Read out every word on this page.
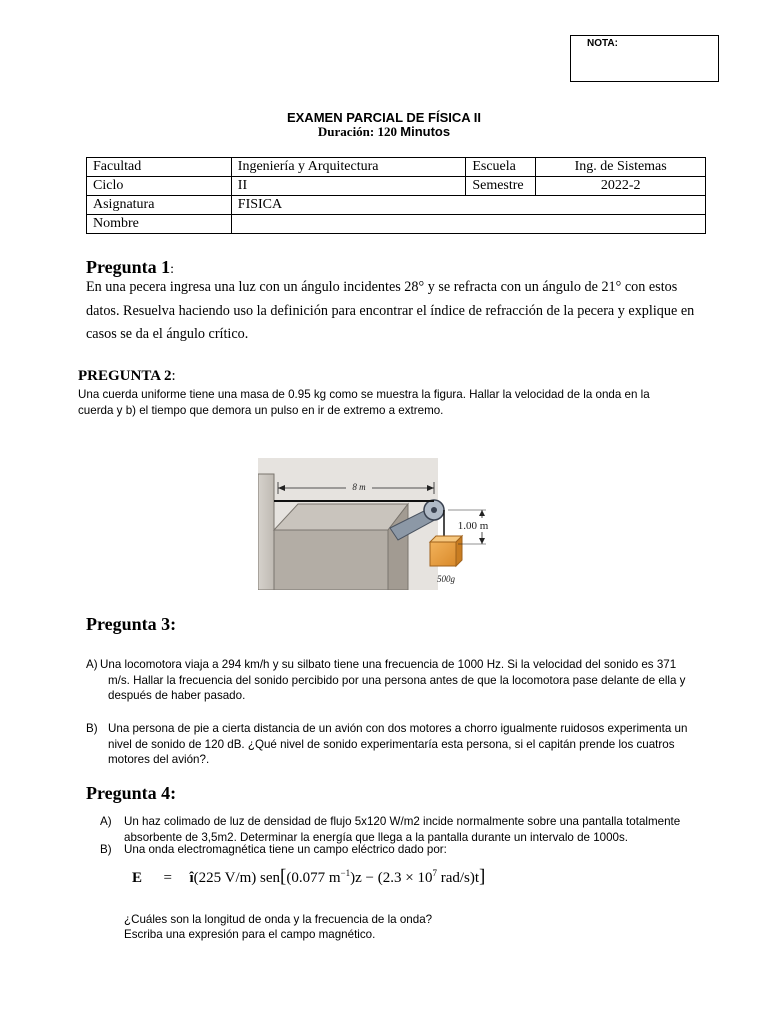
NOTA:
EXAMEN PARCIAL DE FÍSICA II
Duración: 120 Minutos
Facultad	Ingeniería y Arquitectura	Escuela	Ing. de Sistemas
Ciclo	II	Semestre	2022-2
Asignatura	FISICA		
Nombre			
Pregunta 1:
En una pecera ingresa una luz con un ángulo incidentes 28° y se refracta con un ángulo de 21° con estos
datos. Resuelva haciendo uso la definición para encontrar el índice de refracción de la pecera y explique en
casos se da el ángulo crítico.
PREGUNTA 2:
Una cuerda uniforme tiene una masa de 0.95 kg como se muestra la figura. Hallar la velocidad de la onda en la
cuerda y b) el tiempo que demora un pulso en ir de extremo a extremo.
8 m
1.00 m
500g
Pregunta 3:
A) Una locomotora viaja a 294 km/h y su silbato tiene una frecuencia de 1000 Hz. Si la velocidad del sonido es 371
m/s. Hallar la frecuencia del sonido percibido por una persona antes de que la locomotora pase delante de ella y
después de haber pasado.
B) Una persona de pie a cierta distancia de un avión con dos motores a chorro igualmente ruidosos experimenta un
nivel de sonido de 120 dB. ¿Qué nivel de sonido experimentaría esta persona, si el capitán prende los cuatros
motores del avión?.
Pregunta 4:
A) Un haz colimado de luz de densidad de flujo 5x120 W/m2 incide normalmente sobre una pantalla totalmente
absorbente de 3,5m2. Determinar la energía que llega a la pantalla durante un intervalo de 1000s.
B) Una onda electromagnética tiene un campo eléctrico dado por:
E = î(225 V/m) sen[(0.077 $m^{-1})z - (2.3 \times 10^7$ rad/s)t]
¿Cuáles son la longitud de onda y la frecuencia de la onda?
Escriba una expresión para el campo magnético.
